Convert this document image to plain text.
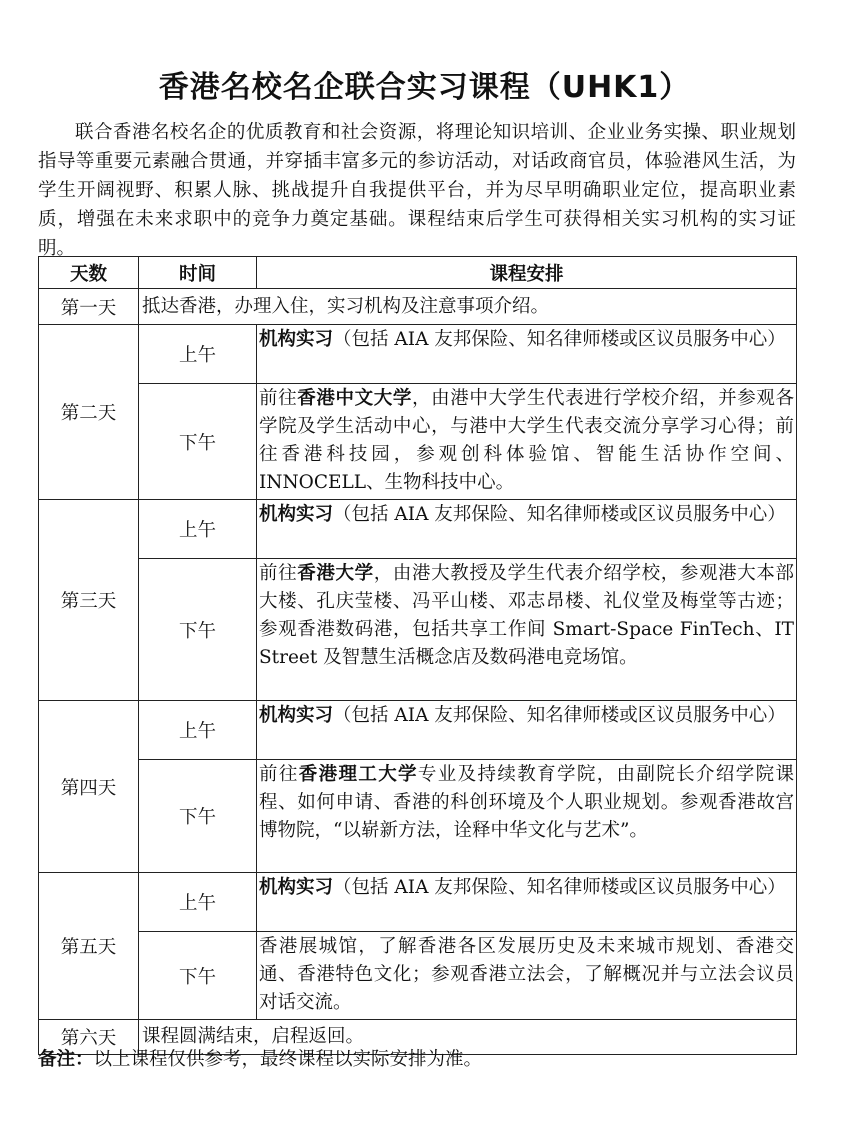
香港名校名企联合实习课程（UHK1）

联合香港名校名企的优质教育和社会资源，将理论知识培训、企业业务实操、职业规划指导等重要元素融合贯通，并穿插丰富多元的参访活动，对话政商官员，体验港风生活，为学生开阔视野、积累人脉、挑战提升自我提供平台，并为尽早明确职业定位，提高职业素质，增强在未来求职中的竞争力奠定基础。课程结束后学生可获得相关实习机构的实习证明。

天数	时间	课程安排
第一天	抵达香港，办理入住，实习机构及注意事项介绍。	
第二天	上午	机构实习（包括 AIA 友邦保险、知名律师楼或区议员服务中心）
	下午	前往香港中文大学，由港中大学生代表进行学校介绍，并参观各学院及学生活动中心，与港中大学生代表交流分享学习心得；前往香港科技园，参观创科体验馆、智能生活协作空间、INNOCELL、生物科技中心。
第三天	上午	机构实习（包括 AIA 友邦保险、知名律师楼或区议员服务中心）
	下午	前往香港大学，由港大教授及学生代表介绍学校，参观港大本部大楼、孔庆莹楼、冯平山楼、邓志昂楼、礼仪堂及梅堂等古迹；参观香港数码港，包括共享工作间 Smart-Space FinTech、IT Street 及智慧生活概念店及数码港电竞场馆。
第四天	上午	机构实习（包括 AIA 友邦保险、知名律师楼或区议员服务中心）
	下午	前往香港理工大学专业及持续教育学院，由副院长介绍学院课程、如何申请、香港的科创环境及个人职业规划。参观香港故宫博物院，“以崭新方法，诠释中华文化与艺术”。
第五天	上午	机构实习（包括 AIA 友邦保险、知名律师楼或区议员服务中心）
	下午	香港展城馆，了解香港各区发展历史及未来城市规划、香港交通、香港特色文化；参观香港立法会，了解概况并与立法会议员对话交流。
第六天	课程圆满结束，启程返回。	

备注：以上课程仅供参考，最终课程以实际安排为准。
